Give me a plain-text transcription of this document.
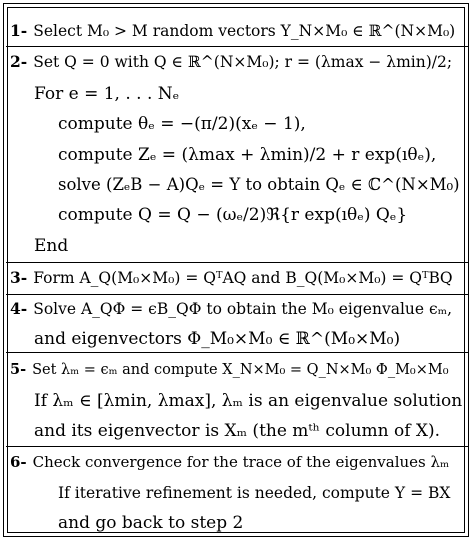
1- Select M₀ > M random vectors Y_N×M₀ ∈ ℝ^(N×M₀)
2- Set Q = 0 with Q ∈ ℝ^(N×M₀); r = (λmax − λmin)/2;
For e = 1, . . . Nₑ
compute θₑ = −(π/2)(xₑ − 1),
compute Zₑ = (λmax + λmin)/2 + r exp(ıθₑ),
solve (ZₑB − A)Qₑ = Y to obtain Qₑ ∈ ℂ^(N×M₀)
compute Q = Q − (ωₑ/2)ℜ{r exp(ıθₑ) Qₑ}
End
3- Form A_Q(M₀×M₀) = QᵀAQ and B_Q(M₀×M₀) = QᵀBQ
4- Solve A_QΦ = ϵB_QΦ to obtain the M₀ eigenvalue ϵₘ,
and eigenvectors Φ_M₀×M₀ ∈ ℝ^(M₀×M₀)
5- Set λₘ = ϵₘ and compute X_N×M₀ = Q_N×M₀ Φ_M₀×M₀
If λₘ ∈ [λmin, λmax], λₘ is an eigenvalue solution
and its eigenvector is Xₘ (the mᵗʰ column of X).
6- Check convergence for the trace of the eigenvalues λₘ
If iterative refinement is needed, compute Y = BX
and go back to step 2
